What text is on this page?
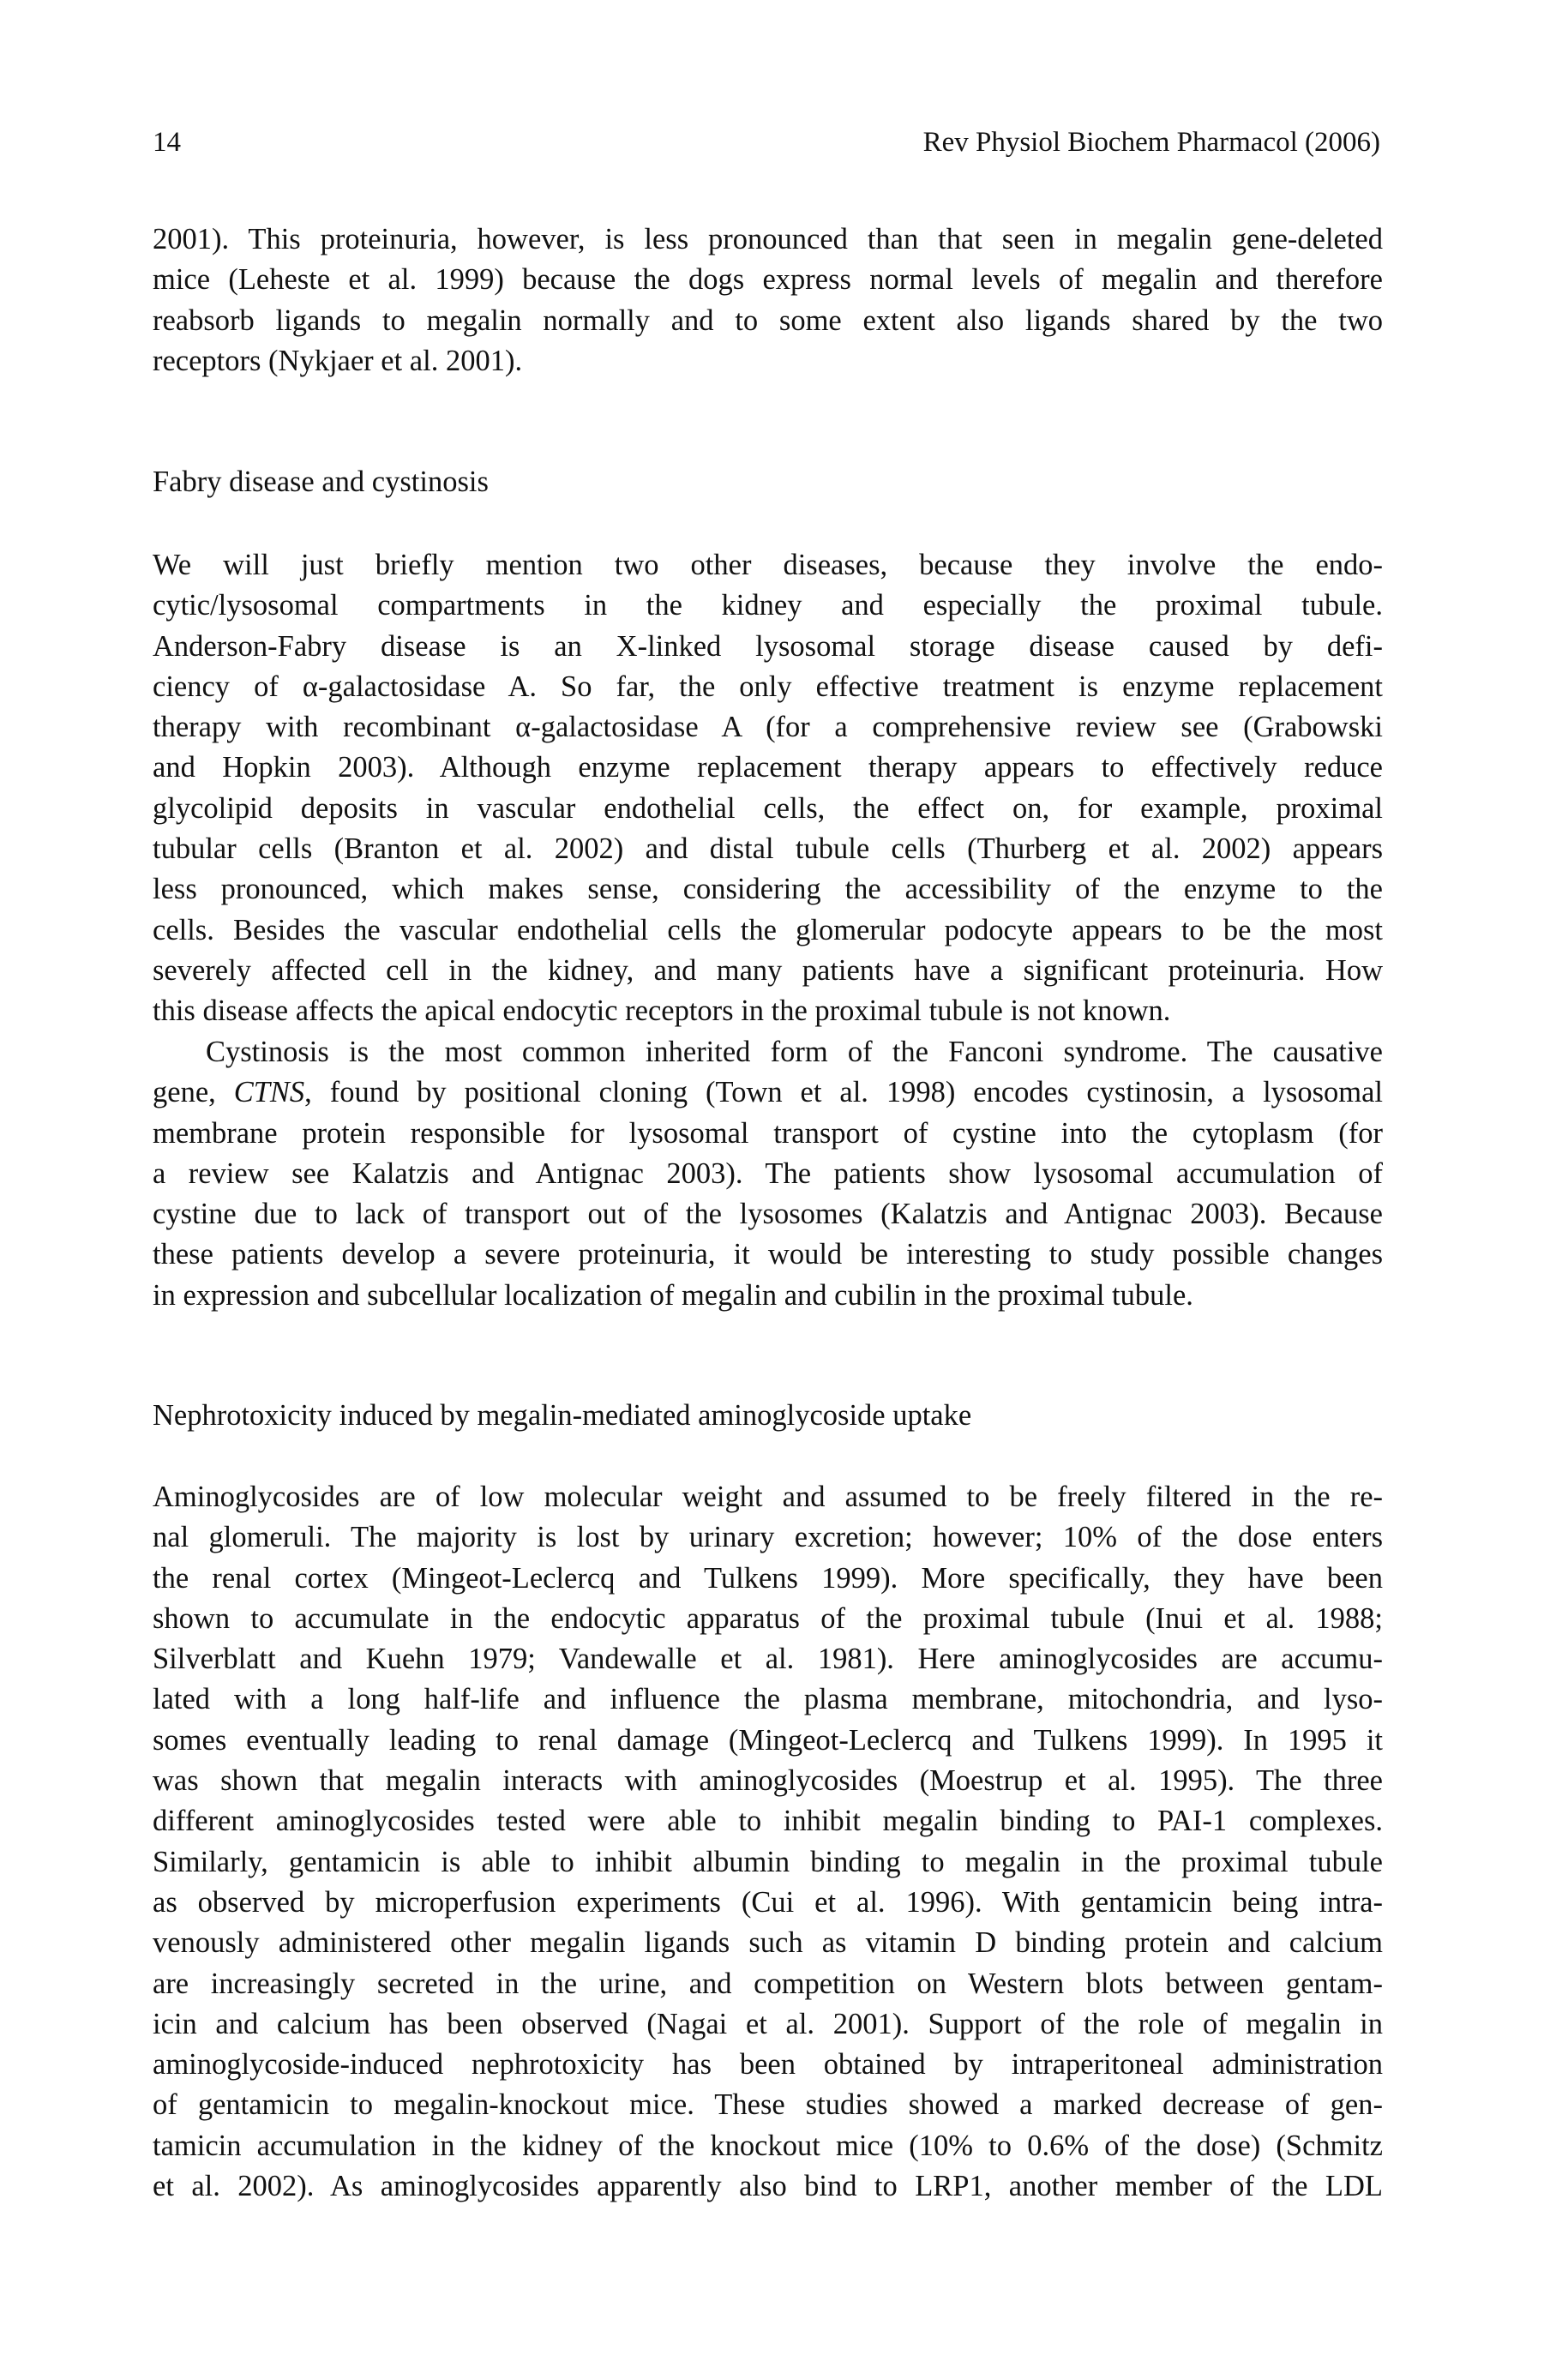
14	Rev Physiol Biochem Pharmacol (2006)
2001). This proteinuria, however, is less pronounced than that seen in megalin gene-deleted
mice (Leheste et al. 1999) because the dogs express normal levels of megalin and therefore
reabsorb ligands to megalin normally and to some extent also ligands shared by the two
receptors (Nykjaer et al. 2001).
Fabry disease and cystinosis
We will just briefly mention two other diseases, because they involve the endo-
cytic/lysosomal compartments in the kidney and especially the proximal tubule.
Anderson-Fabry disease is an X-linked lysosomal storage disease caused by defi-
ciency of α-galactosidase A. So far, the only effective treatment is enzyme replacement
therapy with recombinant α-galactosidase A (for a comprehensive review see (Grabowski
and Hopkin 2003). Although enzyme replacement therapy appears to effectively reduce
glycolipid deposits in vascular endothelial cells, the effect on, for example, proximal
tubular cells (Branton et al. 2002) and distal tubule cells (Thurberg et al. 2002) appears
less pronounced, which makes sense, considering the accessibility of the enzyme to the
cells. Besides the vascular endothelial cells the glomerular podocyte appears to be the most
severely affected cell in the kidney, and many patients have a significant proteinuria. How
this disease affects the apical endocytic receptors in the proximal tubule is not known.
Cystinosis is the most common inherited form of the Fanconi syndrome. The causative
gene, CTNS, found by positional cloning (Town et al. 1998) encodes cystinosin, a lysosomal
membrane protein responsible for lysosomal transport of cystine into the cytoplasm (for
a review see Kalatzis and Antignac 2003). The patients show lysosomal accumulation of
cystine due to lack of transport out of the lysosomes (Kalatzis and Antignac 2003). Because
these patients develop a severe proteinuria, it would be interesting to study possible changes
in expression and subcellular localization of megalin and cubilin in the proximal tubule.
Nephrotoxicity induced by megalin-mediated aminoglycoside uptake
Aminoglycosides are of low molecular weight and assumed to be freely filtered in the re-
nal glomeruli. The majority is lost by urinary excretion; however; 10% of the dose enters
the renal cortex (Mingeot-Leclercq and Tulkens 1999). More specifically, they have been
shown to accumulate in the endocytic apparatus of the proximal tubule (Inui et al. 1988;
Silverblatt and Kuehn 1979; Vandewalle et al. 1981). Here aminoglycosides are accumu-
lated with a long half-life and influence the plasma membrane, mitochondria, and lyso-
somes eventually leading to renal damage (Mingeot-Leclercq and Tulkens 1999). In 1995 it
was shown that megalin interacts with aminoglycosides (Moestrup et al. 1995). The three
different aminoglycosides tested were able to inhibit megalin binding to PAI-1 complexes.
Similarly, gentamicin is able to inhibit albumin binding to megalin in the proximal tubule
as observed by microperfusion experiments (Cui et al. 1996). With gentamicin being intra-
venously administered other megalin ligands such as vitamin D binding protein and calcium
are increasingly secreted in the urine, and competition on Western blots between gentam-
icin and calcium has been observed (Nagai et al. 2001). Support of the role of megalin in
aminoglycoside-induced nephrotoxicity has been obtained by intraperitoneal administration
of gentamicin to megalin-knockout mice. These studies showed a marked decrease of gen-
tamicin accumulation in the kidney of the knockout mice (10% to 0.6% of the dose) (Schmitz
et al. 2002). As aminoglycosides apparently also bind to LRP1, another member of the LDL
